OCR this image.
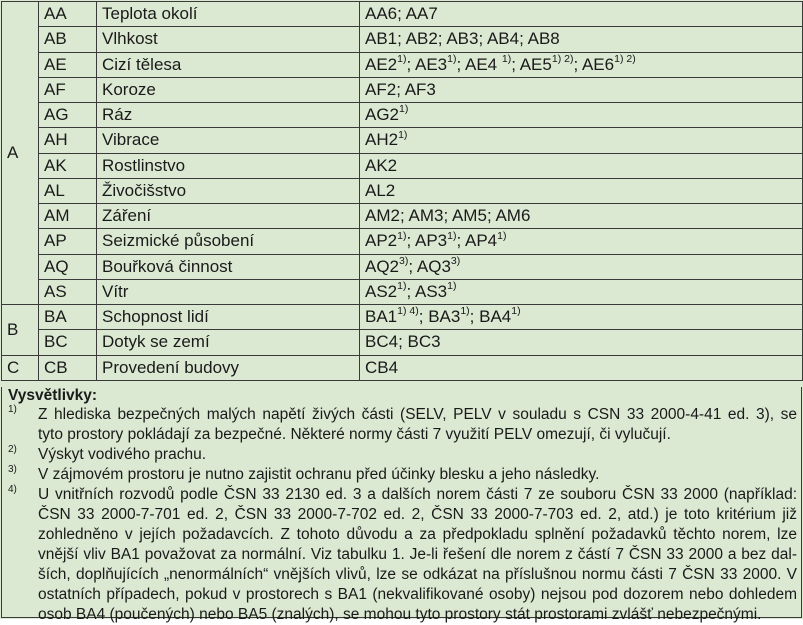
A	AA	Teplota okolí	AA6; AA7
	AB	Vlhkost	AB1; AB2; AB3; AB4; AB8
	AE	Cizí tělesa	AE2$^{1)}$; AE3$^{1)}$; AE4 $^{1)}$; $AE5^{1) 2)}$; $AE6^{1) 2)}$
	AF	Koroze	AF2; AF3
	AG	Ráz	AG2$^{1)}$
	AH	Vibrace	AH2$^{1)}$
	AK	Rostlinstvo	AK2
	AL	Živočišstvo	AL2
	AM	Záření	AM2; AM3; AM5; AM6
	AP	Seizmické působení	AP2$^{1)}$; AP3$^{1)}$; AP4$^{1)}$
	AQ	Bouřková činnost	AQ2$^{3)}$; AQ3$^{3)}$
	AS	Vítr	AS2$^{1)}$; AS3$^{1)}$
B	BA	Schopnost lidí	$BA1^{1) 4)}$; BA3$^{1)}$; BA4$^{1)}$
	BC	Dotyk se zemí	BC4; BC3
C	CB	Provedení budovy	CB4
Vysvětlivky:
1) Z hlediska bezpečných malých napětí živých části (SELV, PELV v souladu s CSN 33 2000-4-41 ed. 3), se
tyto prostory pokládají za bezpečné. Některé normy části 7 využití PELV omezují, či vylučují.
2) Výskyt vodivého prachu.
3) V zájmovém prostoru je nutno zajistit ochranu před účinky blesku a jeho následky.
4) U vnitřních rozvodů podle ČSN 33 2130 ed. 3 a dalších norem části 7 ze souboru ČSN 33 2000 (například:
ČSN 33 2000-7-701 ed. 2, ČSN 33 2000-7-702 ed. 2, ČSN 33 2000-7-703 ed. 2, atd.) je toto kritérium již
zohledněno v jejích požadavcích. Z tohoto důvodu a za předpokladu splnění požadavků těchto norem, lze
vnější vliv BA1 považovat za normální. Viz tabulku 1. Je-li řešení dle norem z částí 7 ČSN 33 2000 a bez dal-
ších, doplňujících „nenormálních“ vnějších vlivů, lze se odkázat na příslušnou normu části 7 ČSN 33 2000. V
ostatních případech, pokud v prostorech s BA1 (nekvalifikované osoby) nejsou pod dozorem nebo dohledem
osob BA4 (poučených) nebo BA5 (znalých), se mohou tyto prostory stát prostorami zvlášť nebezpečnými.
